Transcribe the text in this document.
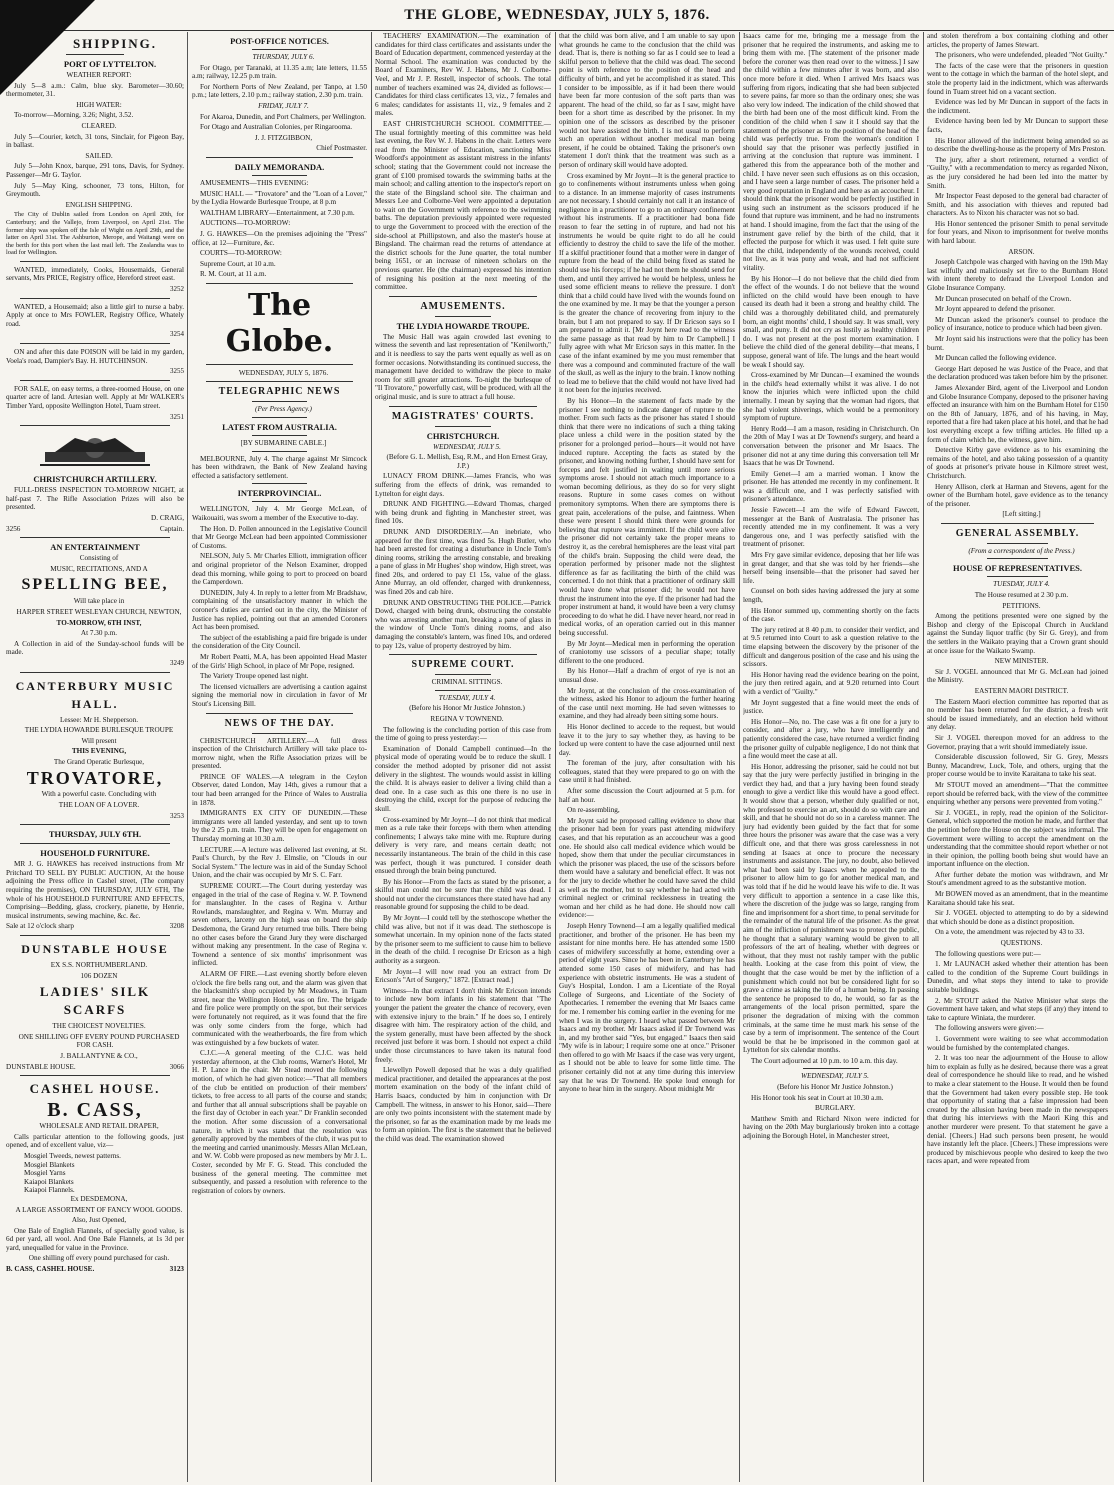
THE GLOBE, WEDNESDAY, JULY 5, 1876.
SHIPPING.
PORT OF LYTTELTON.

WEATHER REPORT:

July 5—8 a.m.: Calm, blue sky. Barometer—30.60; thermometer, 31.

HIGH WATER:

To-morrow—Morning, 3.26; Night, 3.52.

CLEARED.

July 5—Courier, ketch, 31 tons, Sinclair, for Pigeon Bay, in ballast.

SAILED.

July 5—John Knox, barque, 291 tons, Davis, for Sydney. Passenger—Mr G. Taylor.

July 5—May King, schooner, 73 tons, Hilton, for Greymouth.

ENGLISH SHIPPING.

The City of Dublin sailed from London on April 20th, for Canterbury; and the Vallejo, from Liverpool, on April 21st. The former ship was spoken off the Isle of Wight on April 29th, and the latter on April 31st. The Ashburton, Merope, and Waitangi were on the berth for this port when the last mail left. The Zealandia was to load for Wellington.

WANTED, immediately, Cooks, Housemaids, General servants, Mrs PRICE, Registry office, Hereford street east.

3252

WANTED, a Housemaid; also a little girl to nurse a baby. Apply at once to Mrs FOWLER, Registry Office, Whately road.

3254

ON and after this date POISON will be laid in my garden, Voela's road, Dampier's Bay. H. HUTCHINSON.

3255

FOR SALE, on easy terms, a three-roomed House, on one quarter acre of land. Artesian well. Apply at Mr WALKER's Timber Yard, opposite Wellington Hotel, Tuam street.

3251
CHRISTCHURCH ARTILLERY.

FULL-DRESS INSPECTION TO-MORROW NIGHT, at half-past 7. The Rifle Association Prizes will also be presented.

D. CRAIG,

3256	Captain.
AN ENTERTAINMENT

Consisting of

MUSIC, RECITATIONS, AND A

SPELLING BEE,

Will take place in

HARPER STREET WESLEYAN CHURCH, NEWTON,

TO-MORROW, 6TH INST,

At 7.30 p.m.

A Collection in aid of the Sunday-school funds will be made.

3249
CANTERBURY MUSIC HALL.

Lessee: Mr H. Shepperson.

THE LYDIA HOWARDE BURLESQUE TROUPE

Will present

THIS EVENING,

The Grand Operatic Burlesque,

TROVATORE,

With a powerful caste. Concluding with

THE LOAN OF A LOVER.

3253
THURSDAY, JULY 6TH.
HOUSEHOLD FURNITURE.

MR J. G. HAWKES has received instructions from Mr Pritchard TO SELL BY PUBLIC AUCTION, At the house adjoining the Press office in Cashel street, (The company requiring the premises), ON THURSDAY, JULY 6TH, The whole of his HOUSEHOLD FURNITURE AND EFFECTS, Comprising—Bedding, glass, crockery, pianette, by Henrie, musical instruments, sewing machine, &c. &c.

Sale at 12 o'clock sharp	3208
DUNSTABLE HOUSE

EX S.S. NORTHUMBERLAND.

106 DOZEN

LADIES' SILK SCARFS

THE CHOICEST NOVELTIES.

ONE SHILLING OFF EVERY POUND PURCHASED FOR CASH.

J. BALLANTYNE & CO.,

DUNSTABLE HOUSE.	3066
CASHEL HOUSE.
B. CASS,

WHOLESALE AND RETAIL DRAPER,

Calls particular attention to the following goods, just opened, and of excellent value, viz—

Mosgiel Tweeds, newest patterns.
Mosgiel Blankets
Mosgiel Yarns
Kaiapoi Blankets
Kaiapoi Flannels.

Ex DESDEMONA,

A LARGE ASSORTMENT OF FANCY WOOL GOODS.

Also, Just Opened,

One Bale of English Flannels, of specially good value, is 6d per yard, all wool. And One Bale Flannels, at 1s 3d per yard, unequalled for value in the Province.

One shilling off every pound purchased for cash.

B. CASS, CASHEL HOUSE.	3123
POST-OFFICE NOTICES.

THURSDAY, JULY 6.

For Otago, per Taranaki, at 11.35 a.m; late letters, 11.55 a.m; railway, 12.25 p.m train.

For Northern Ports of New Zealand, per Tanpo, at 1.50 p.m.; late letters, 2.10 p.m.; railway station, 2.30 p.m. train.

FRIDAY, JULY 7.

For Akaroa, Dunedin, and Port Chalmers, per Wellington.

For Otago and Australian Colonies, per Ringarooma.

J. J. FITZGIBBON,

Chief Postmaster.

DAILY MEMORANDA.

AMUSEMENTS—THIS EVENING:

MUSIC HALL — "Trovatore" and the "Loan of a Lover," by the Lydia Howarde Burlesque Troupe, at 8 p.m

WALTHAM LIBRARY—Entertainment, at 7.30 p.m.

AUCTIONS—TO-MORROW:

J. G. HAWKES—On the premises adjoining the "Press" office, at 12—Furniture, &c.

COURTS—TO-MORROW:

Supreme Court, at 10 a.m.

R. M. Court, at 11 a.m.

The Globe.

WEDNESDAY, JULY 5, 1876.

TELEGRAPHIC NEWS

(Per Press Agency.)

LATEST FROM AUSTRALIA.

[BY SUBMARINE CABLE.]

MELBOURNE, July 4. The charge against Mr Simcock has been withdrawn, the Bank of New Zealand having effected a satisfactory settlement.

INTERPROVINCIAL.

WELLINGTON, July 4. Mr George McLean, of Waikouaiti, was sworn a member of the Executive to-day.

The Hon. D. Pollen announced in the Legislative Council that Mr George McLean had been appointed Commissioner of Customs.

NELSON, July 5. Mr Charles Elliott, immigration officer and original proprietor of the Nelson Examiner, dropped dead this morning, while going to port to proceed on board the Camperdown.

DUNEDIN, July 4. In reply to a letter from Mr Bradshaw, complaining of the unsatisfactory manner in which the coroner's duties are carried out in the city, the Minister of Justice has replied, pointing out that an amended Coroners Act has been promised.

The subject of the establishing a paid fire brigade is under the consideration of the City Council.

Mr Robert Peatti, M.A, has been appointed Head Master of the Girls' High School, in place of Mr Pope, resigned.

The Variety Troupe opened last night.

The licensed victuallers are advertising a caution against signing the memorial now in circulation in favor of Mr Stout's Licensing Bill.

NEWS OF THE DAY.

CHRISTCHURCH ARTILLERY.—A full dress inspection of the Christchurch Artillery will take place to-morrow night, when the Rifle Association prizes will be presented.

PRINCE OF WALES.—A telegram in the Ceylon Observer, dated London, May 14th, gives a rumour that a tour had been arranged for the Prince of Wales to Australia in 1878.

IMMIGRANTS EX CITY OF DUNEDIN.—These immigrants were all landed yesterday, and sent up to town by the 2 25 p.m. train. They will be open for engagement on Thursday morning at 10.30 a.m.

LECTURE.—A lecture was delivered last evening, at St. Paul's Church, by the Rev J. Elmslie, on "Clouds in our Social System." The lecture was in aid of the Sunday School Union, and the chair was occupied by Mr S. C. Farr.

SUPREME COURT.—The Court during yesterday was engaged in the trial of the case of Regina v. W. P. Townend for manslaughter. In the cases of Regina v. Arthur Rowlands, manslaughter, and Regina v. Wm. Murray and seven others, larceny on the high seas on board the ship Desdemona, the Grand Jury returned true bills. There being no other cases before the Grand Jury they were discharged without making any presentment. In the case of Regina v. Townend a sentence of six months' imprisonment was inflicted.

ALARM OF FIRE.—Last evening shortly before eleven o'clock the fire bells rang out, and the alarm was given that the blacksmith's shop occupied by Mr Meadows, in Tuam street, near the Wellington Hotel, was on fire. The brigade and fire police were promptly on the spot, but their services were fortunately not required, as it was found that the fire was only some cinders from the forge, which had communicated with the weatherboards, the fire from which was extinguished by a few buckets of water.

C.J.C.—A general meeting of the C.J.C. was held yesterday afternoon, at the Club rooms, Warner's Hotel, Mr H. P. Lance in the chair. Mr Stead moved the following motion, of which he had given notice:—"That all members of the club be entitled on production of their members' tickets, to free access to all parts of the course and stands; and further that all annual subscriptions shall be payable on the first day of October in each year." Dr Franklin seconded the motion. After some discussion of a conversational nature, in which it was stated that the resolution was generally approved by the members of the club, it was put to the meeting and carried unanimously. Messrs Allan McLean, and W. W. Cobb were proposed as new members by Mr J. L. Coster, seconded by Mr F. G. Stead. This concluded the business of the general meeting. The committee met subsequently, and passed a resolution with reference to the registration of colors by owners.

TEACHERS' EXAMINATION.—The examination of candidates for third class certificates and assistants under the Board of Education department, commenced yesterday at the Normal School. The examination was conducted by the Board of Examiners, Rev W. J. Habens, Mr J. Colborne-Veel, and Mr J. P. Restell, inspector of schools. The total number of teachers examined was 24, divided as follows:—Candidates for third class certificates 13, viz., 7 females and 6 males; candidates for assistants 11, viz., 9 females and 2 males.

EAST CHRISTCHURCH SCHOOL COMMITTEE.—The usual fortnightly meeting of this committee was held last evening, the Rev W. J. Habens in the chair. Letters were read from the Minister of Education, sanctioning Miss Woodford's appointment as assistant mistress in the infants' school; stating that the Government could not increase the grant of £100 promised towards the swimming baths at the main school; and calling attention to the inspector's report on the state of the Bingsland school site. The chairman and Messrs Lee and Colborne-Veel were appointed a deputation to wait on the Government with reference to the swimming baths. The deputation previously appointed were requested to urge the Government to proceed with the erection of the side-school at Phillipstown, and also the master's house at Bingsland. The chairman read the returns of attendance at the district schools for the June quarter, the total number being 1651, or an increase of nineteen scholars on the previous quarter. He (the chairman) expressed his intention of resigning his position at the next meeting of the committee.

AMUSEMENTS.
THE LYDIA HOWARDE TROUPE.

The Music Hall was again crowded last evening to witness the seventh and last representation of "Kenilworth," and it is needless to say the parts went equally as well as on former occasions. Notwithstanding its continued success, the management have decided to withdraw the piece to make room for still greater attractions. To-night the burlesque of "Il Trovatore," powerfully cast, will be produced, with all the original music, and is sure to attract a full house.

MAGISTRATES' COURTS.
CHRISTCHURCH.

WEDNESDAY, JULY 5.

(Before G. L. Mellish, Esq, R.M., and Hon Ernest Gray, J.P.)

LUNACY FROM DRINK.—James Francis, who was suffering from the effects of drink, was remanded to Lyttelton for eight days.

DRUNK AND FIGHTING.—Edward Thomas, charged with being drunk and fighting in Manchester street, was fined 10s.

DRUNK AND DISORDERLY.—An inebriate, who appeared for the first time, was fined 5s. Hugh Butler, who had been arrested for creating a disturbance in Uncle Tom's dining rooms, striking the arresting constable, and breaking a pane of glass in Mr Hughes' shop window, High street, was fined 20s, and ordered to pay £1 15s, value of the glass. Anne Murray, an old offender, charged with drunkenness, was fined 20s and cab hire.

DRUNK AND OBSTRUCTING THE POLICE.—Patrick Dowd, charged with being drunk, obstructing the constable who was arresting another man, breaking a pane of glass in the window of Uncle Tom's dining rooms, and also damaging the constable's lantern, was fined 10s, and ordered to pay 12s, value of property destroyed by him.

SUPREME COURT.

CRIMINAL SITTINGS.

TUESDAY, JULY 4.

(Before his Honor Mr Justice Johnston.)

REGINA V TOWNEND.

The following is the concluding portion of this case from the time of going to press yesterday:—

Examination of Donald Campbell continued—In the physical mode of operating would be to reduce the skull. I consider the method adopted by prisoner did not assist delivery in the slightest. The wounds would assist in killing the child. It is always easier to deliver a living child than a dead one. In a case such as this one there is no use in destroying the child, except for the purpose of reducing the skull.

Cross-examined by Mr Joynt—I do not think that medical men as a rule take their forceps with them when attending confinements; I always take mine with me. Rupture during delivery is very rare, and means certain death; not necessarily instantaneous. The brain of the child in this case was perfect, though it was punctured. I consider death ensued through the brain being punctured.

By his Honor—From the facts as stated by the prisoner, a skilful man could not be sure that the child was dead. I should not under the circumstances there stated have had any reasonable ground for supposing the child to be dead.

By Mr Joynt—I could tell by the stethoscope whether the child was alive, but not if it was dead. The stethoscope is somewhat uncertain. In my opinion none of the facts stated by the prisoner seem to me sufficient to cause him to believe in the death of the child. I recognise Dr Ericson as a high authority as a surgeon.

Mr Joynt—I will now read you an extract from Dr Ericson's "Art of Surgery," 1872. [Extract read.]

Witness—In that extract I don't think Mr Ericson intends to include new born infants in his statement that "The younger the patient the greater the chance of recovery, even with extensive injury to the brain." If he does so, I entirely disagree with him. The respiratory action of the child, and the system generally, must have been affected by the shock received just before it was born. I should not expect a child under those circumstances to have taken its natural food freely.

Llewellyn Powell deposed that he was a duly qualified medical practitioner, and detailed the appearances at the post mortem examination on the body of the infant child of Harris Isaacs, conducted by him in conjunction with Dr Campbell. The witness, in answer to his Honor, said—There are only two points inconsistent with the statement made by the prisoner, so far as the examination made by me leads me to form an opinion. The first is the statement that he believed the child was dead. The examination showed

that the child was born alive, and I am unable to say upon what grounds he came to the conclusion that the child was dead. That is, there is nothing so far as I could see to lead a skilful person to believe that the child was dead. The second point is with reference to the position of the head and difficulty of birth, and yet he accomplished it as stated. This I consider to be impossible, as if it had been there would have been far more contusion of the soft parts than was apparent. The head of the child, so far as I saw, might have been for a short time as described by the prisoner. In my opinion one of the scissors as described by the prisoner would not have assisted the birth. I is not usual to perform such an operation without another medical man being present, if he could be obtained. Taking the prisoner's own statement I don't think that the treatment was such as a person of ordinary skill would have adopted.

Cross examined by Mr Joynt—It is the general practice to go to confinements without instruments unless when going to a distance. In an immense majority of cases instruments are not necessary. I should certainly not call it an instance of negligence in a practitioner to go to an ordinary confinement without his instruments. If a practitioner had bona fide reason to fear the setting in of rupture, and had not his instruments he would be quite right to do all he could efficiently to destroy the child to save the life of the mother. If a skilful practitioner found that a mother were in danger of rupture from the head of the child being fixed as stated he should use his forceps; if he had not them he should send for them, and until they arrived he would be helpless, unless he used some efficient means to relieve the pressure. I don't think that a child could have lived with the wounds found on the one examined by me. It may be that the younger a person is the greater the chance of recovering from injury to the brain, but I am not prepared to say. If Dr Ericson says so I am prepared to admit it. [Mr Joynt here read to the witness the same passage as that read by him to Dr Campbell.] I fully agree with what Mr Ericson says in this matter. In the case of the infant examined by me you must remember that there was a compound and comminuted fracture of the wall of the skull, as well as the injury to the brain. I know nothing to lead me to believe that the child would not have lived had it not been for the injuries received.

By his Honor—In the statement of facts made by the prisoner I see nothing to indicate danger of rupture to the mother. From such facts as the prisoner has stated I should think that there were no indications of such a thing taking place unless a child were in the position stated by the prisoner for a prolonged period—hours—it would not have induced rupture. Accepting the facts as stated by the prisoner, and knowing nothing further, I should have sent for forceps and felt justified in waiting until more serious symptoms arose. I should not attach much importance to a woman becoming delirious, as they do so for very slight reasons. Rupture in some cases comes on without premonitory symptoms. When there are symptoms there is great pain, accelerations of the pulse, and faintness. When these were present I should think there were grounds for believing that rupture was imminent. If the child were alive the prisoner did not certainly take the proper means to destroy it, as the cerebral hemispheres are the least vital part of the child's brain. Supposing the child were dead, the operation performed by prisoner made not the slightest difference as far as facilitating the birth of the child was concerned. I do not think that a practitioner of ordinary skill would have done what prisoner did; he would not have thrust the instrument into the eye. If the prisoner had had the proper instrument at hand, it would have been a very clumsy proceeding to do what he did. I have never heard, nor read in medical works, of an operation carried out in this manner being successful.

By Mr Joynt—Medical men in performing the operation of craniotomy use scissors of a peculiar shape; totally different to the one produced.

By his Honor—Half a drachm of ergot of rye is not an unusual dose.

Mr Joynt, at the conclusion of the cross-examination of the witness, asked his Honor to adjourn the further hearing of the case until next morning. He had seven witnesses to examine, and they had already been sitting some hours.

His Honor declined to accede to the request, but would leave it to the jury to say whether they, as having to be locked up were content to have the case adjourned until next day.

The foreman of the jury, after consultation with his colleagues, stated that they were prepared to go on with the case until it had finished.

After some discussion the Court adjourned at 5 p.m. for half an hour.

On re-assembling,

Mr Joynt said he proposed calling evidence to show that the prisoner had been for years past attending midwifery cases, and that his reputation as an accoucheur was a good one. He should also call medical evidence which would be hoped, show them that under the peculiar circumstances in which the prisoner was placed, the use of the scissors before them would have a salutary and beneficial effect. It was not for the jury to decide whether he could have saved the child as well as the mother, but to say whether he had acted with criminal neglect or criminal recklessness in treating the woman and her child as he had done. He should now call evidence:—

Joseph Henry Townend—I am a legally qualified medical practitioner, and brother of the prisoner. He has been my assistant for nine months here. He has attended some 1500 cases of midwifery successfully at home, extending over a period of eight years. Since he has been in Canterbury he has attended some 150 cases of midwifery, and has had experience with obstetric instruments. He was a student of Guy's Hospital, London. I am a Licentiate of the Royal College of Surgeons, and Licentiate of the Society of Apothecaries. I remember the evening that Mr Isaacs came for me. I remember his coming earlier in the evening for me when I was in the surgery. I heard what passed between Mr Isaacs and my brother. Mr Isaacs asked if Dr Townend was in, and my brother said "Yes, but engaged." Isaacs then said "My wife is in labour; I require some one at once." Prisoner then offered to go with Mr Isaacs if the case was very urgent, as I should not be able to leave for some little time. The prisoner certainly did not at any time during this interview say that he was Dr Townend. He spoke loud enough for anyone to hear him in the surgery. About midnight Mr

Isaacs came for me, bringing me a message from the prisoner that he required the instruments, and asking me to bring them with me. [The statement of the prisoner made before the coroner was then read over to the witness.] I saw the child within a few minutes after it was born, and also once more before it died. When I arrived Mrs Isaacs was suffering from rigors, indicating that she had been subjected to severe pains, far more so than the ordinary ones; she was also very low indeed. The indication of the child showed that the birth had been one of the most difficult kind. From the condition of the child when I saw it I should say that the statement of the prisoner as to the position of the head of the child was perfectly true. From the woman's condition I should say that the prisoner was perfectly justified in arriving at the conclusion that rupture was imminent. I gathered this from the appearance both of the mother and child. I have never seen such effusions as on this occasion, and I have seen a large number of cases. The prisoner held a very good reputation in England and here as an accoucheur. I should think that the prisoner would be perfectly justified in using such an instrument as the scissors produced if he found that rupture was imminent, and he had no instruments at hand. I should imagine, from the fact that the using of the instrument gave relief by the birth of the child, that it effected the purpose for which it was used. I felt quite sure that the child, independently of the wounds received, could not live, as it was puny and weak, and had not sufficient vitality.

By his Honor—I do not believe that the child died from the effect of the wounds. I do not believe that the wound inflicted on the child would have been enough to have caused its death had it been a strong and healthy child. The child was a thoroughly debilitated child, and prematurely born, an eight months' child, I should say. It was small, very small, and puny. It did not cry as lustily as healthy children do. I was not present at the post mortem examination. I believe the child died of the general debility—that means, I suppose, general want of life. The lungs and the heart would be weak I should say.

Cross-examined by Mr Duncan—I examined the wounds in the child's head externally whilst it was alive. I do not know the injuries which were inflicted upon the child internally. I mean by saying that the woman had rigors, that she had violent shiverings, which would be a premonitory symptom of rupture.

Henry Rodd—I am a mason, residing in Christchurch. On the 20th of May I was at Dr Townend's surgery, and heard a conversation between the prisoner and Mr Isaacs. The prisoner did not at any time during this conversation tell Mr Isaacs that he was Dr Townend.

Emily Genet—I am a married woman. I know the prisoner. He has attended me recently in my confinement. It was a difficult one, and I was perfectly satisfied with prisoner's attendance.

Jessie Fawcett—I am the wife of Edward Fawcett, messenger at the Bank of Australasia. The prisoner has recently attended me in my confinement. It was a very dangerous one, and I was perfectly satisfied with the treatment of prisoner.

Mrs Fry gave similar evidence, deposing that her life was in great danger, and that she was told by her friends—she herself being insensible—that the prisoner had saved her life.

Counsel on both sides having addressed the jury at some length,

His Honor summed up, commenting shortly on the facts of the case.

The jury retired at 8 40 p.m. to consider their verdict, and at 9.5 returned into Court to ask a question relative to the time elapsing between the discovery by the prisoner of the difficult and dangerous position of the case and his using the scissors.

His Honor having read the evidence bearing on the point, the jury then retired again, and at 9.20 returned into Court with a verdict of "Guilty."

Mr Joynt suggested that a fine would meet the ends of justice.

His Honor—No, no. The case was a fit one for a jury to consider, and after a jury, who have intelligently and patiently considered the case, have returned a verdict finding the prisoner guilty of culpable negligence, I do not think that a fine would meet the case at all.

His Honor, addressing the prisoner, said he could not but say that the jury were perfectly justified in bringing in the verdict they had, and that a jury having been found steady enough to give a verdict like this would have a good effect. It would show that a person, whether duly qualified or not, who professed to exercise an art, should do so with care and skill, and that he should not do so in a careless manner. The jury had evidently been guided by the fact that for some three hours the prisoner was aware that the case was a very difficult one, and that there was gross carelessness in not sending at Isaacs at once to procure the necessary instruments and assistance. The jury, no doubt, also believed what had been said by Isaacs when he appealed to the prisoner to allow him to go for another medical man, and was told that if he did he would leave his wife to die. It was very difficult to apportion a sentence in a case like this, where the discretion of the judge was so large, ranging from fine and imprisonment for a short time, to penal servitude for the remainder of the natural life of the prisoner. As the great aim of the infliction of punishment was to protect the public, he thought that a salutary warning would be given to all professors of the art of healing, whether with degrees or without, that they must not rashly tamper with the public health. Looking at the case from this point of view, the thought that the case would be met by the infliction of a punishment which could not but be considered light for so grave a crime as taking the life of a human being. In passing the sentence he proposed to do, he would, so far as the arrangements of the local prison permitted, spare the prisoner the degradation of mixing with the common criminals, at the same time he must mark his sense of the case by a term of imprisonment. The sentence of the Court would be that he be imprisoned in the common gaol at Lyttelton for six calendar months.

The Court adjourned at 10 p.m. to 10 a.m. this day.

WEDNESDAY, JULY 5.

(Before his Honor Mr Justice Johnston.)

His Honor took his seat in Court at 10.30 a.m.

BURGLARY.

Matthew Smith and Richard Nixon were indicted for having on the 20th May burglariously broken into a cottage adjoining the Borough Hotel, in Manchester street,

and stolen therefrom a box containing clothing and other articles, the property of James Stewart.

The prisoners, who were undefended, pleaded "Not Guilty."

The facts of the case were that the prisoners in question went to the cottage in which the barman of the hotel slept, and stole the property laid in the indictment, which was afterwards found in Tuam street hid on a vacant section.

Evidence was led by Mr Duncan in support of the facts in the indictment.

Evidence having been led by Mr Duncan to support these facts,

His Honor allowed of the indictment being amended so as to describe the dwelling-house as the property of Mrs Preston.

The jury, after a short retirement, returned a verdict of "Guilty," with a recommendation to mercy as regarded Nixon, as the jury considered he had been led into the matter by Smith.

Mr Inspector Feast deposed to the general bad character of Smith, and his association with thieves and reputed bad characters. As to Nixon his character was not so bad.

His Honor sentenced the prisoner Smith to penal servitude for four years, and Nixon to imprisonment for twelve months with hard labour.

ARSON.

Joseph Catchpole was charged with having on the 19th May last wilfully and maliciously set fire to the Burnham Hotel with intent thereby to defraud the Liverpool London and Globe Insurance Company.

Mr Duncan prosecuted on behalf of the Crown.

Mr Joynt appeared to defend the prisoner.

Mr Duncan asked the prisoner's counsel to produce the policy of insurance, notice to produce which had been given.

Mr Joynt said his instructions were that the policy has been burnt.

Mr Duncan called the following evidence.

George Hart deposed he was Justice of the Peace, and that the declaration produced was taken before him by the prisoner.

James Alexander Bird, agent of the Liverpool and London and Globe Insurance Company, deposed to the prisoner having effected an insurance with him on the Burnham Hotel for £150 on the 8th of January, 1876, and of his having, in May, reported that a fire had taken place at his hotel, and that he had lost everything except a few trifling articles. He filled up a form of claim which he, the witness, gave him.

Detective Kirby gave evidence as to his examining the remains of the hotel, and also taking possession of a quantity of goods at prisoner's private house in Kilmore street west, Christchurch.

Henry Allison, clerk at Harman and Stevens, agent for the owner of the Burnham hotel, gave evidence as to the tenancy of the prisoner.

[Left sitting.]

GENERAL ASSEMBLY.

(From a correspondent of the Press.)

HOUSE OF REPRESENTATIVES.

TUESDAY, JULY 4.

The House resumed at 2 30 p.m.

PETITIONS.

Among the petitions presented were one signed by the Bishop and clergy of the Episcopal Church in Auckland against the Sunday liquor traffic (by Sir G. Grey), and from the settlers in the Waikato praying that a Crown grant should at once issue for the Waikato Swamp.

NEW MINISTER.

Sir J. VOGEL announced that Mr G. McLean had joined the Ministry.

EASTERN MAORI DISTRICT.

The Eastern Maori election committee has reported that as no member has been returned for the district, a fresh writ should be issued immediately, and an election held without any delay.

Sir J. VOGEL thereupon moved for an address to the Governor, praying that a writ should immediately issue.

Considerable discussion followed, Sir G. Grey, Messrs Bunny, Macandrew, Luck, Tole, and others, urging that the proper course would be to invite Karaitana to take his seat.

Mr STOUT moved an amendment—"That the committee report should be referred back, with the view of the committee enquiring whether any persons were prevented from voting."

Sir J. VOGEL, in reply, read the opinion of the Solicitor-General, which supported the motion he made, and further that the petition before the House on the subject was informal. The Government were willing to accept the amendment on the understanding that the committee should report whether or not in their opinion, the polling booth being shut would have an important influence on the election.

After further debate the motion was withdrawn, and Mr Stout's amendment agreed to as the substantive motion.

Mr BOWEN moved as an amendment, that in the meantime Karaitana should take his seat.

Sir J. VOGEL objected to attempting to do by a sidewind that which should be done as a distinct proposition.

On a vote, the amendment was rejected by 43 to 33.

QUESTIONS.

The following questions were put:—

1. Mr LAUNACH asked whether their attention has been called to the condition of the Supreme Court buildings in Dunedin, and what steps they intend to take to provide suitable buildings.

2. Mr STOUT asked the Native Minister what steps the Government have taken, and what steps (if any) they intend to take to capture Winiata, the murderer.

The following answers were given:—

1. Government were waiting to see what accommodation would be furnished by the contemplated changes.

2. It was too near the adjournment of the House to allow him to explain as fully as he desired, because there was a great deal of correspondence he should like to read, and he wished to make a clear statement to the House. It would then be found that the Government had taken every possible step. He took that opportunity of stating that a false impression had been created by the allusion having been made in the newspapers that during his interviews with the Maori King this and another murderer were present. To that statement he gave a denial. [Cheers.] Had such persons been present, he would have instantly left the place. [Cheers.] These impressions were produced by mischievous people who desired to keep the two races apart, and were repeated from
